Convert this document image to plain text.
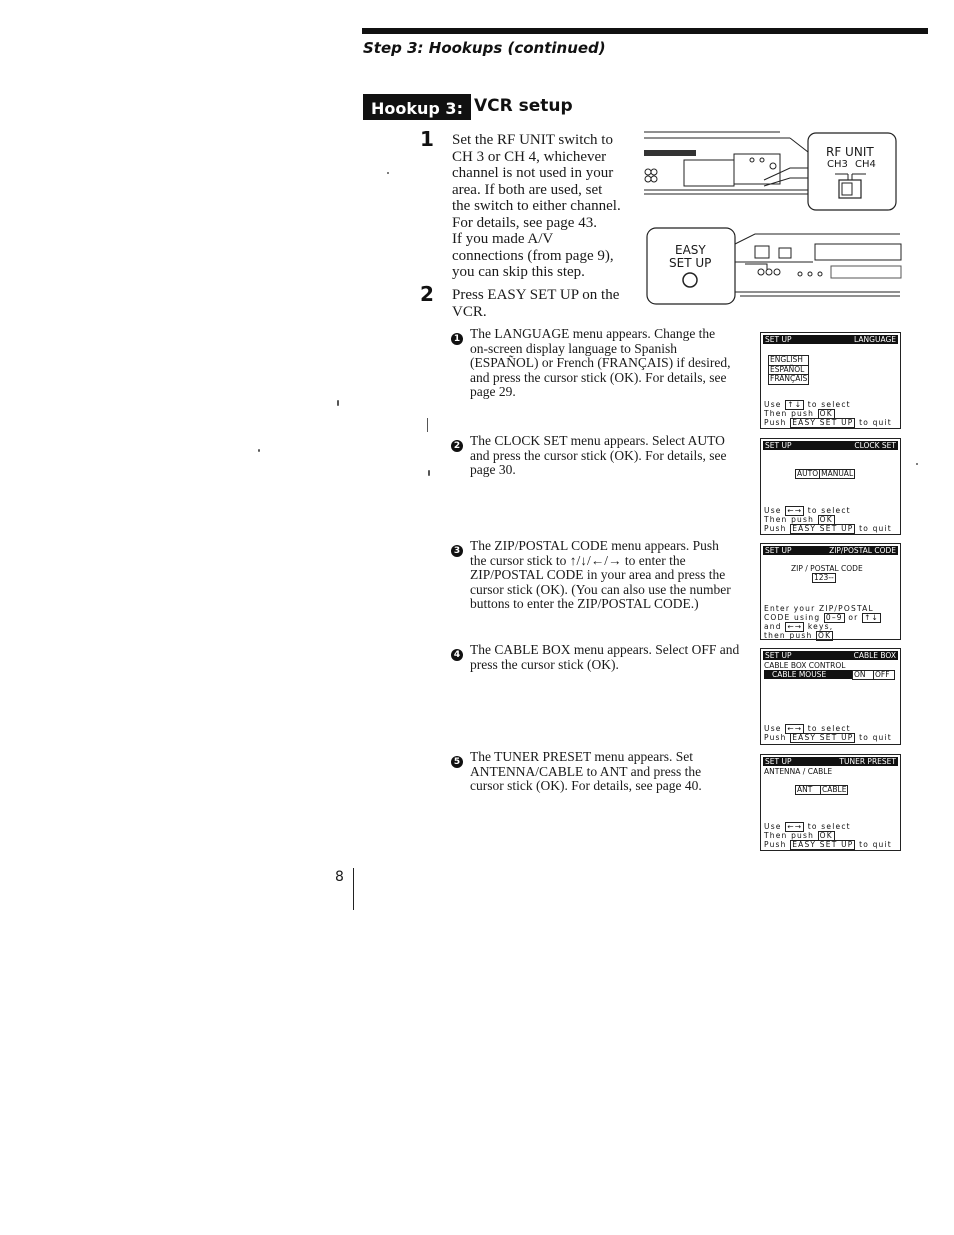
Step 3: Hookups (continued)
Hookup 3: VCR setup
1 Set the RF UNIT switch to
CH 3 or CH 4, whichever
channel is not used in your
area. If both are used, set
the switch to either channel.
For details, see page 43.
If you made A/V
connections (from page 9),
you can skip this step.
2 Press EASY SET UP on the
VCR.
RF UNIT
CH3 CH4
EASY
SET UP
1 The LANGUAGE menu appears. Change the
on-screen display language to Spanish
(ESPAÑOL) or French (FRANÇAIS) if desired,
and press the cursor stick (OK). For details, see
page 29.
2 The CLOCK SET menu appears. Select AUTO
and press the cursor stick (OK). For details, see
page 30.
3 The ZIP/POSTAL CODE menu appears. Push
the cursor stick to ↑/↓/←/→ to enter the
ZIP/POSTAL CODE in your area and press the
cursor stick (OK). (You can also use the number
buttons to enter the ZIP/POSTAL CODE.)
4 The CABLE BOX menu appears. Select OFF and
press the cursor stick (OK).
5 The TUNER PRESET menu appears. Set
ANTENNA/CABLE to ANT and press the
cursor stick (OK). For details, see page 40.
SET UP	LANGUAGE
ENGLISH
ESPAÑOL
FRANÇAIS
Use ↑↓ to select
Then push OK
Push EASY SET UP to quit
SET UP	CLOCK SET
AUTO MANUAL
Use ←→ to select
Then push OK
Push EASY SET UP to quit
SET UP	ZIP/POSTAL CODE
ZIP / POSTAL CODE
123--
Enter your ZIP/POSTAL
CODE using 0–9 or ↑↓
and ←→ keys,
then push OK
SET UP	CABLE BOX
CABLE BOX CONTROL
CABLE MOUSE	ON OFF
Use ←→ to select
Push EASY SET UP to quit
SET UP	TUNER PRESET
ANTENNA / CABLE
ANT CABLE
Use ←→ to select
Then push OK
Push EASY SET UP to quit
8
